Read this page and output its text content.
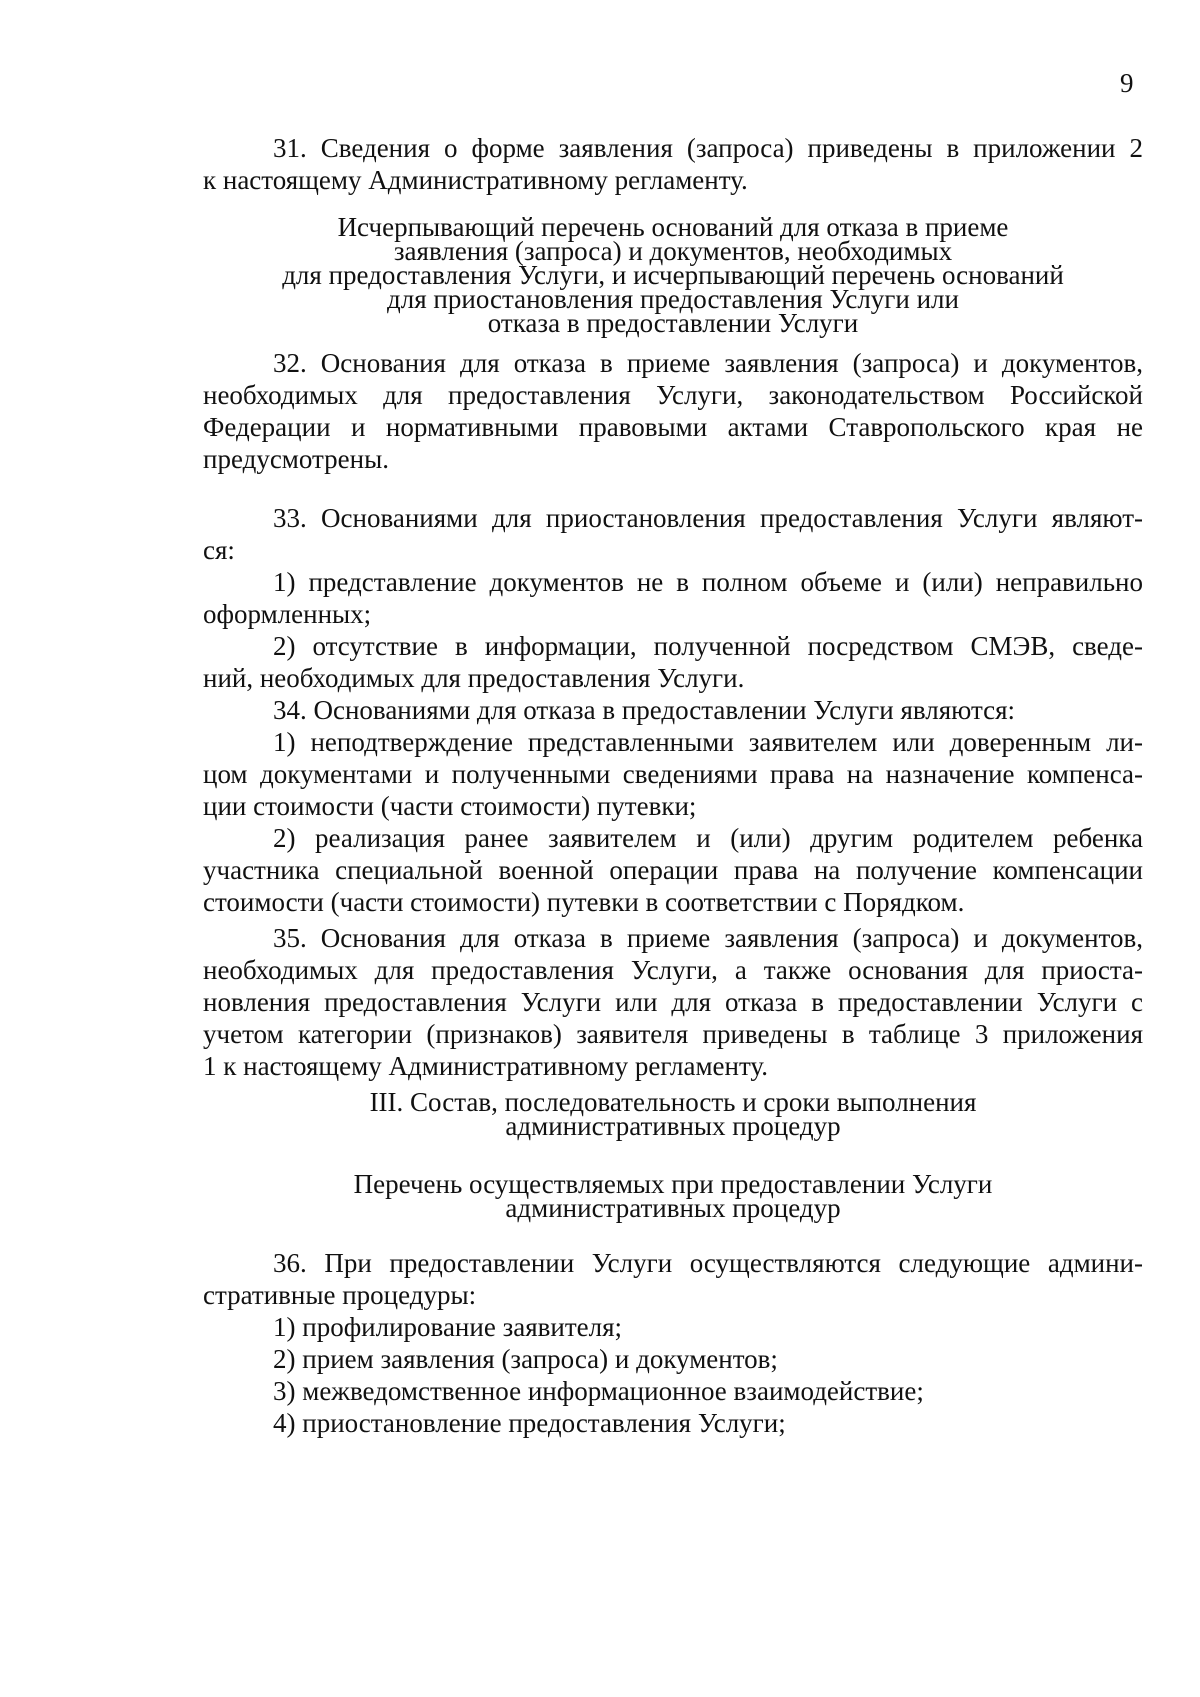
9
31. Сведения о форме заявления (запроса) приведены в приложении 2
к настоящему Административному регламенту.
Исчерпывающий перечень оснований для отказа в приеме
заявления (запроса) и документов, необходимых
для предоставления Услуги, и исчерпывающий перечень оснований
для приостановления предоставления Услуги или
отказа в предоставлении Услуги
32. Основания для отказа в приеме заявления (запроса) и документов,
необходимых для предоставления Услуги, законодательством Российской
Федерации и нормативными правовыми актами Ставропольского края не
предусмотрены.
33. Основаниями для приостановления предоставления Услуги являют-
ся:
1) представление документов не в полном объеме и (или) неправильно
оформленных;
2) отсутствие в информации, полученной посредством СМЭВ, сведе-
ний, необходимых для предоставления Услуги.
34. Основаниями для отказа в предоставлении Услуги являются:
1) неподтверждение представленными заявителем или доверенным ли-
цом документами и полученными сведениями права на назначение компенса-
ции стоимости (части стоимости) путевки;
2) реализация ранее заявителем и (или) другим родителем ребенка
участника специальной военной операции права на получение компенсации
стоимости (части стоимости) путевки в соответствии с Порядком.
35. Основания для отказа в приеме заявления (запроса) и документов,
необходимых для предоставления Услуги, а также основания для приоста-
новления предоставления Услуги или для отказа в предоставлении Услуги с
учетом категории (признаков) заявителя приведены в таблице 3 приложения
1 к настоящему Административному регламенту.
III. Состав, последовательность и сроки выполнения
административных процедур
Перечень осуществляемых при предоставлении Услуги
административных процедур
36. При предоставлении Услуги осуществляются следующие админи-
стративные процедуры:
1) профилирование заявителя;
2) прием заявления (запроса) и документов;
3) межведомственное информационное взаимодействие;
4) приостановление предоставления Услуги;
